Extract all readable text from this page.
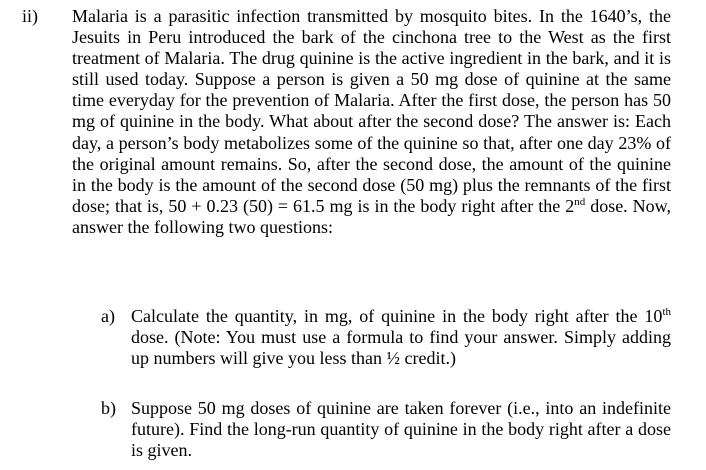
ii) Malaria is a parasitic infection transmitted by mosquito bites. In the 1640’s, the Jesuits in Peru introduced the bark of the cinchona tree to the West as the first treatment of Malaria. The drug quinine is the active ingredient in the bark, and it is still used today. Suppose a person is given a 50 mg dose of quinine at the same time everyday for the prevention of Malaria. After the first dose, the person has 50 mg of quinine in the body. What about after the second dose? The answer is: Each day, a person’s body metabolizes some of the quinine so that, after one day 23% of the original amount remains. So, after the second dose, the amount of the quinine in the body is the amount of the second dose (50 mg) plus the remnants of the first dose; that is, 50 + 0.23 (50) = 61.5 mg is in the body right after the 2nd dose. Now, answer the following two questions:

a) Calculate the quantity, in mg, of quinine in the body right after the 10th dose. (Note: You must use a formula to find your answer. Simply adding up numbers will give you less than ½ credit.)

b) Suppose 50 mg doses of quinine are taken forever (i.e., into an indefinite future). Find the long-run quantity of quinine in the body right after a dose is given.
